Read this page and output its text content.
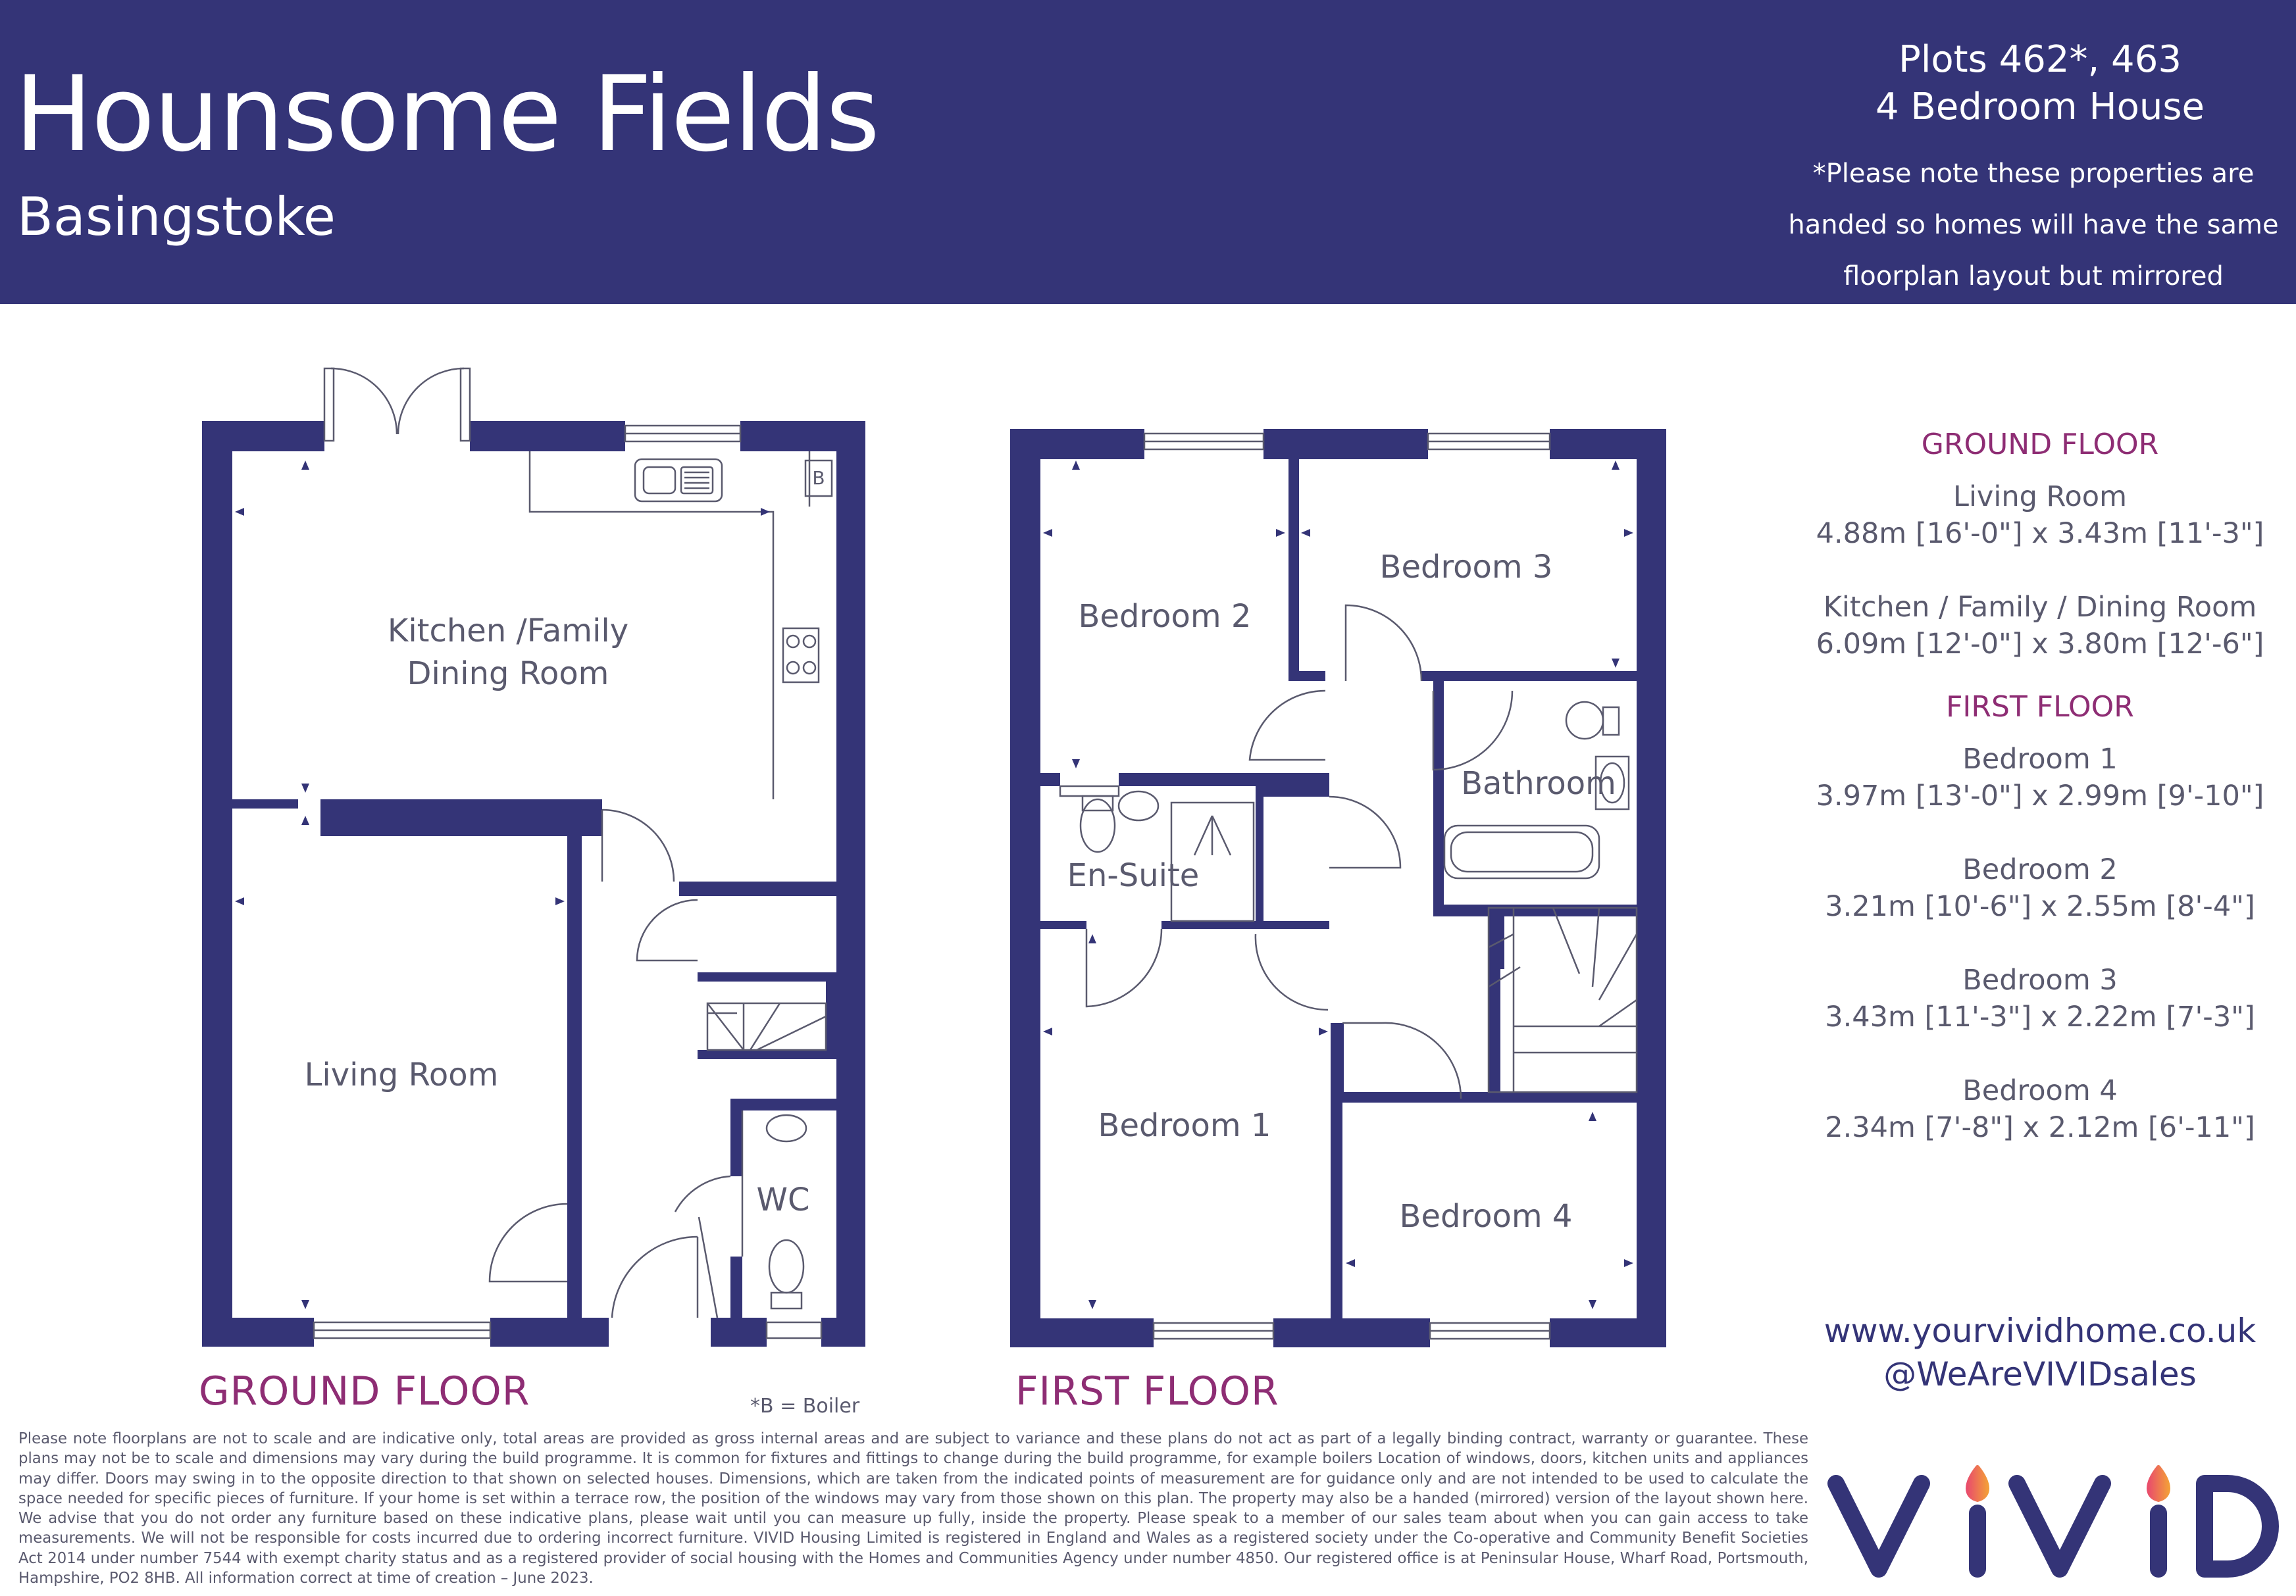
Hounsome Fields
Basingstoke
Plots 462*, 463
4 Bedroom House
*Please note these properties are
handed so homes will have the same
floorplan layout but mirrored
Kitchen /Family
Dining Room
Living Room
WC
B
Bedroom 2
Bedroom 3
En-Suite
Bathroom
Bedroom 1
Bedroom 4
GROUND FLOOR	FIRST FLOOR
*B = Boiler
GROUND FLOOR
Living Room
4.88m [16'-0"] x 3.43m [11'-3"]
Kitchen / Family / Dining Room
6.09m [12'-0"] x 3.80m [12'-6"]
FIRST FLOOR
Bedroom 1
3.97m [13'-0"] x 2.99m [9'-10"]
Bedroom 2
3.21m [10'-6"] x 2.55m [8'-4"]
Bedroom 3
3.43m [11'-3"] x 2.22m [7'-3"]
Bedroom 4
2.34m [7'-8"] x 2.12m [6'-11"]
www.yourvividhome.co.uk
@WeAreVIVIDsales
Please note floorplans are not to scale and are indicative only, total areas are provided as gross internal areas and are subject to variance and these plans do not act as part of a legally binding contract, warranty or guarantee. These plans may not be to scale and dimensions may vary during the build programme. It is common for fixtures and fittings to change during the build programme, for example boilers Location of windows, doors, kitchen units and appliances may differ. Doors may swing in to the opposite direction to that shown on selected houses. Dimensions, which are taken from the indicated points of measurement are for guidance only and are not intended to be used to calculate the space needed for specific pieces of furniture. If your home is set within a terrace row, the position of the windows may vary from those shown on this plan. The property may also be a handed (mirrored) version of the layout shown here. We advise that you do not order any furniture based on these indicative plans, please wait until you can measure up fully, inside the property. Please speak to a member of our sales team about when you can gain access to take measurements. We will not be responsible for costs incurred due to ordering incorrect furniture. VIVID Housing Limited is registered in England and Wales as a registered society under the Co-operative and Community Benefit Societies Act 2014 under number 7544 with exempt charity status and as a registered provider of social housing with the Homes and Communities Agency under number 4850. Our registered office is at Peninsular House, Wharf Road, Portsmouth, Hampshire, PO2 8HB. All information correct at time of creation – June 2023.
